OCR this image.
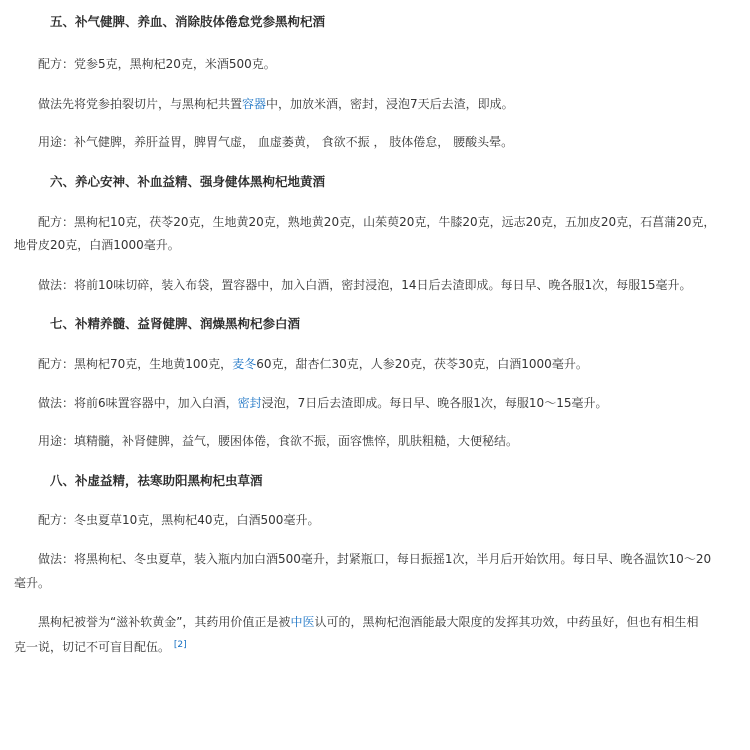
五、补气健脾、养血、消除肢体倦怠党参黑枸杞酒
配方：党参5克，黑枸杞20克，米酒500克。
做法先将党参拍裂切片，与黑枸杞共置容器中，加放米酒，密封，浸泡7天后去渣，即成。
用途：补气健脾，养肝益胃，脾胃气虚， 血虚萎黄， 食欲不振 ， 肢体倦怠， 腰酸头晕。
六、养心安神、补血益精、强身健体黑枸杞地黄酒
配方：黑枸杞10克，茯苓20克，生地黄20克，熟地黄20克，山茱萸20克，牛膝20克，远志20克，五加皮20克，石菖蒲20克，
地骨皮20克，白酒1000毫升。
做法：将前10味切碎，装入布袋，置容器中，加入白酒，密封浸泡，14日后去渣即成。每日早、晚各服1次，每服15毫升。
七、补精养髓、益肾健脾、润燥黑枸杞参白酒
配方：黑枸杞70克，生地黄100克，麦冬60克，甜杏仁30克，人参20克，茯苓30克，白酒1000毫升。
做法：将前6味置容器中，加入白酒，密封浸泡，7日后去渣即成。每日早、晚各服1次，每服10～15毫升。
用途：填精髓，补肾健脾，益气，腰困体倦，食欲不振，面容憔悴，肌肤粗糙，大便秘结。
八、补虚益精，祛寒助阳黑枸杞虫草酒
配方：冬虫夏草10克，黑枸杞40克，白酒500毫升。
做法：将黑枸杞、冬虫夏草，装入瓶内加白酒500毫升，封紧瓶口，每日振摇1次，半月后开始饮用。每日早、晚各温饮10～20
毫升。
黑枸杞被誉为“滋补软黄金”，其药用价值正是被中医认可的，黑枸杞泡酒能最大限度的发挥其功效，中药虽好，但也有相生相
克一说，切记不可盲目配伍。 [2]
